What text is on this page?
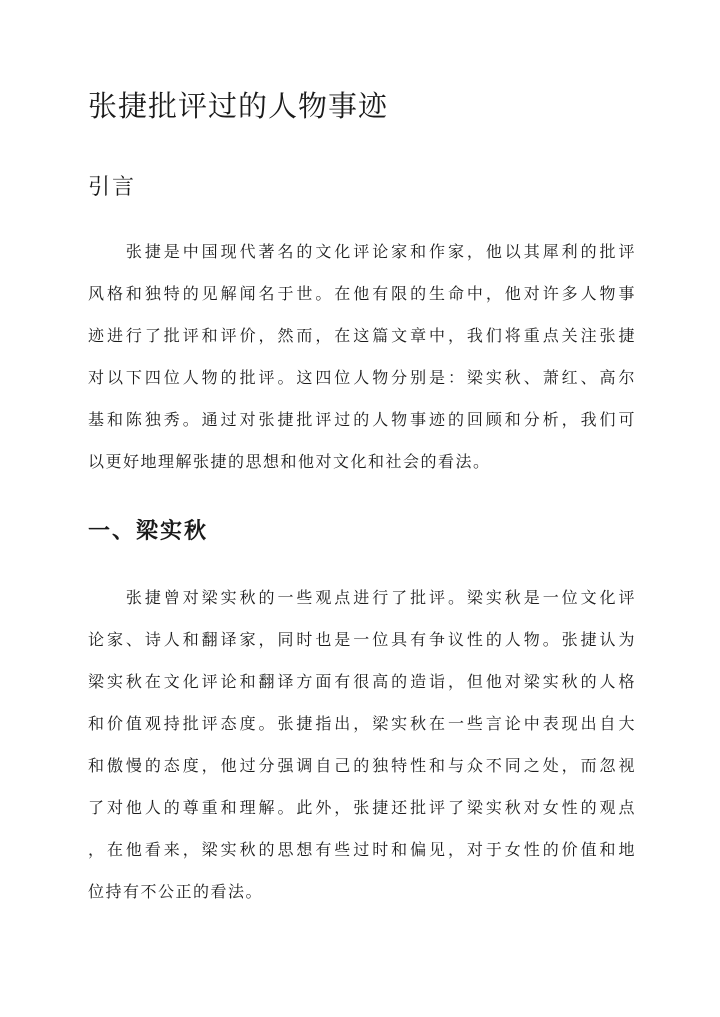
张捷批评过的人物事迹
引言
　　张捷是中国现代著名的文化评论家和作家，他以其犀利的批评
风格和独特的见解闻名于世。在他有限的生命中，他对许多人物事
迹进行了批评和评价，然而，在这篇文章中，我们将重点关注张捷
对以下四位人物的批评。这四位人物分别是：梁实秋、萧红、高尔
基和陈独秀。通过对张捷批评过的人物事迹的回顾和分析，我们可
以更好地理解张捷的思想和他对文化和社会的看法。
一、梁实秋
　　张捷曾对梁实秋的一些观点进行了批评。梁实秋是一位文化评
论家、诗人和翻译家，同时也是一位具有争议性的人物。张捷认为
梁实秋在文化评论和翻译方面有很高的造诣，但他对梁实秋的人格
和价值观持批评态度。张捷指出，梁实秋在一些言论中表现出自大
和傲慢的态度，他过分强调自己的独特性和与众不同之处，而忽视
了对他人的尊重和理解。此外，张捷还批评了梁实秋对女性的观点
，在他看来，梁实秋的思想有些过时和偏见，对于女性的价值和地
位持有不公正的看法。
